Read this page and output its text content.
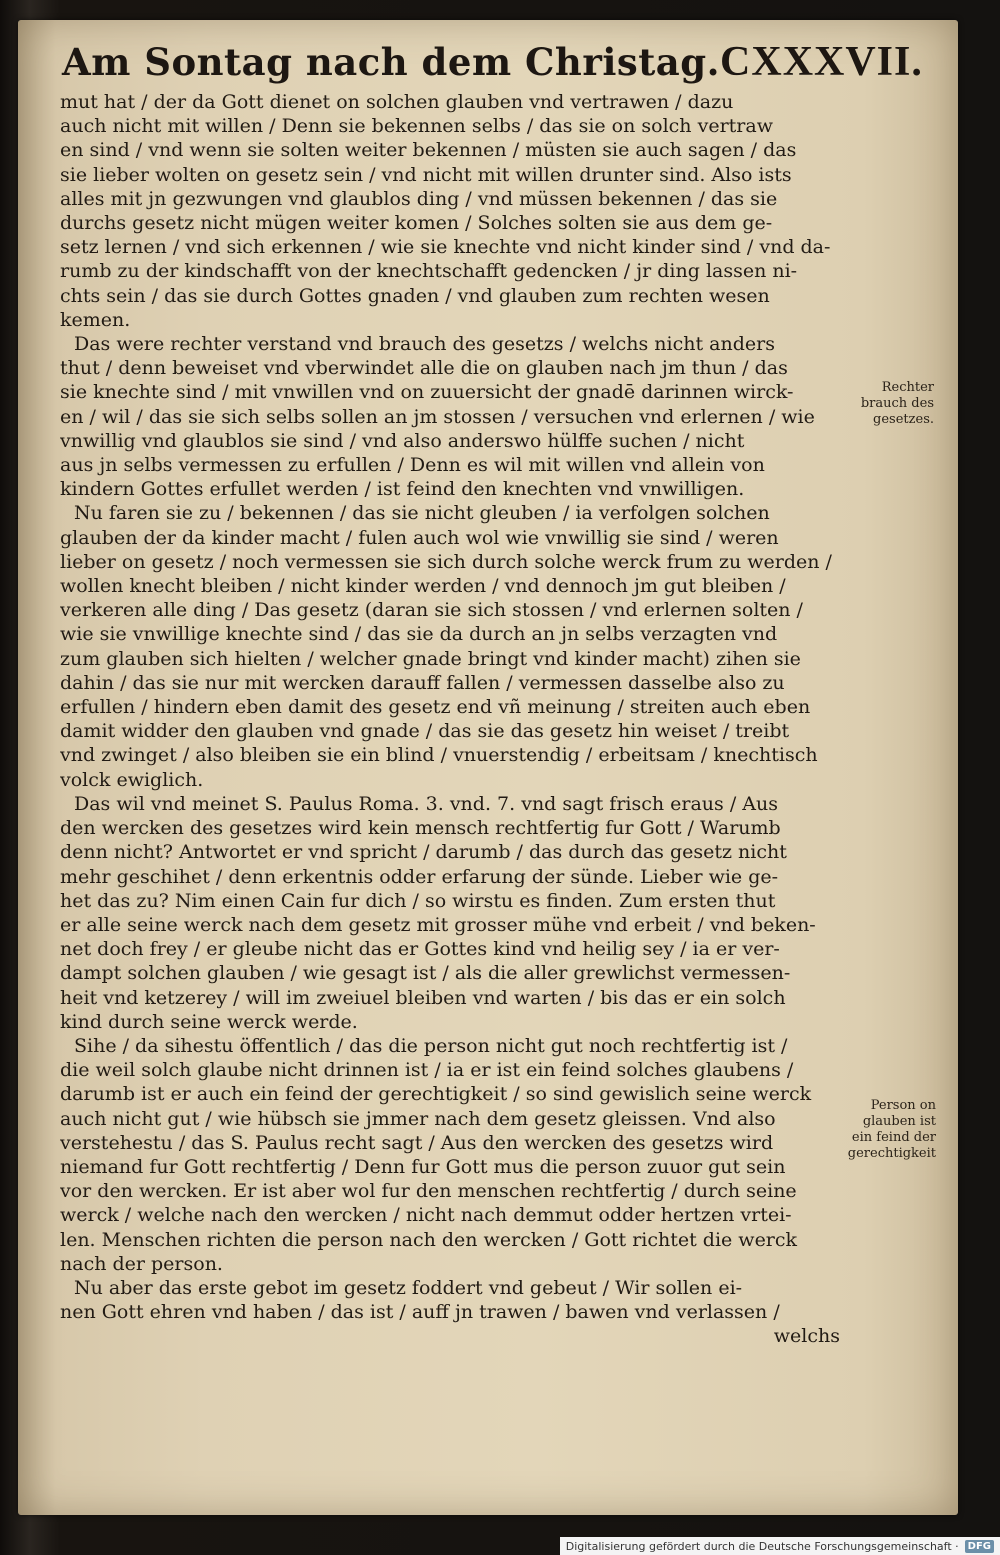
Am Sontag nach dem Christag. CXXXVII.
mut hat / der da Gott dienet on solchen glauben vnd vertrawen / dazu
auch nicht mit willen / Denn sie bekennen selbs / das sie on solch vertraw
en sind / vnd wenn sie solten weiter bekennen / müsten sie auch sagen / das
sie lieber wolten on gesetz sein / vnd nicht mit willen drunter sind. Also ists
alles mit jn gezwungen vnd glaublos ding / vnd müssen bekennen / das sie
durchs gesetz nicht mügen weiter komen / Solches solten sie aus dem ge-
setz lernen / vnd sich erkennen / wie sie knechte vnd nicht kinder sind / vnd da-
rumb zu der kindschafft von der knechtschafft gedencken / jr ding lassen ni-
chts sein / das sie durch Gottes gnaden / vnd glauben zum rechten wesen
kemen.
Das were rechter verstand vnd brauch des gesetzs / welchs nicht anders
thut / denn beweiset vnd vberwindet alle die on glauben nach jm thun / das
sie knechte sind / mit vnwillen vnd on zuuersicht der gnadē darinnen wirck-
en / wil / das sie sich selbs sollen an jm stossen / versuchen vnd erlernen / wie
vnwillig vnd glaublos sie sind / vnd also anderswo hülffe suchen / nicht
aus jn selbs vermessen zu erfullen / Denn es wil mit willen vnd allein von
kindern Gottes erfullet werden / ist feind den knechten vnd vnwilligen.
Nu faren sie zu / bekennen / das sie nicht gleuben / ia verfolgen solchen
glauben der da kinder macht / fulen auch wol wie vnwillig sie sind / weren
lieber on gesetz / noch vermessen sie sich durch solche werck frum zu werden /
wollen knecht bleiben / nicht kinder werden / vnd dennoch jm gut bleiben /
verkeren alle ding / Das gesetz (daran sie sich stossen / vnd erlernen solten /
wie sie vnwillige knechte sind / das sie da durch an jn selbs verzagten vnd
zum glauben sich hielten / welcher gnade bringt vnd kinder macht) zihen sie
dahin / das sie nur mit wercken darauff fallen / vermessen dasselbe also zu
erfullen / hindern eben damit des gesetz end vñ meinung / streiten auch eben
damit widder den glauben vnd gnade / das sie das gesetz hin weiset / treibt
vnd zwinget / also bleiben sie ein blind / vnuerstendig / erbeitsam / knechtisch
volck ewiglich.
Das wil vnd meinet S. Paulus Roma. 3. vnd. 7. vnd sagt frisch eraus / Aus
den wercken des gesetzes wird kein mensch rechtfertig fur Gott / Warumb
denn nicht? Antwortet er vnd spricht / darumb / das durch das gesetz nicht
mehr geschihet / denn erkentnis odder erfarung der sünde. Lieber wie ge-
het das zu? Nim einen Cain fur dich / so wirstu es finden. Zum ersten thut
er alle seine werck nach dem gesetz mit grosser mühe vnd erbeit / vnd beken-
net doch frey / er gleube nicht das er Gottes kind vnd heilig sey / ia er ver-
dampt solchen glauben / wie gesagt ist / als die aller grewlichst vermessen-
heit vnd ketzerey / will im zweiuel bleiben vnd warten / bis das er ein solch
kind durch seine werck werde.
Sihe / da sihestu öffentlich / das die person nicht gut noch rechtfertig ist /
die weil solch glaube nicht drinnen ist / ia er ist ein feind solches glaubens /
darumb ist er auch ein feind der gerechtigkeit / so sind gewislich seine werck
auch nicht gut / wie hübsch sie jmmer nach dem gesetz gleissen. Vnd also
verstehestu / das S. Paulus recht sagt / Aus den wercken des gesetzs wird
niemand fur Gott rechtfertig / Denn fur Gott mus die person zuuor gut sein
vor den wercken. Er ist aber wol fur den menschen rechtfertig / durch seine
werck / welche nach den wercken / nicht nach demmut odder hertzen vrtei-
len. Menschen richten die person nach den wercken / Gott richtet die werck
nach der person.
Nu aber das erste gebot im gesetz foddert vnd gebeut / Wir sollen ei-
nen Gott ehren vnd haben / das ist / auff jn trawen / bawen vnd verlassen /
welchs
Rechter
brauch des
gesetzes.
Person on
glauben ist
ein feind der
gerechtigkeit
Digitalisierung gefördert durch die Deutsche Forschungsgemeinschaft · DFG
